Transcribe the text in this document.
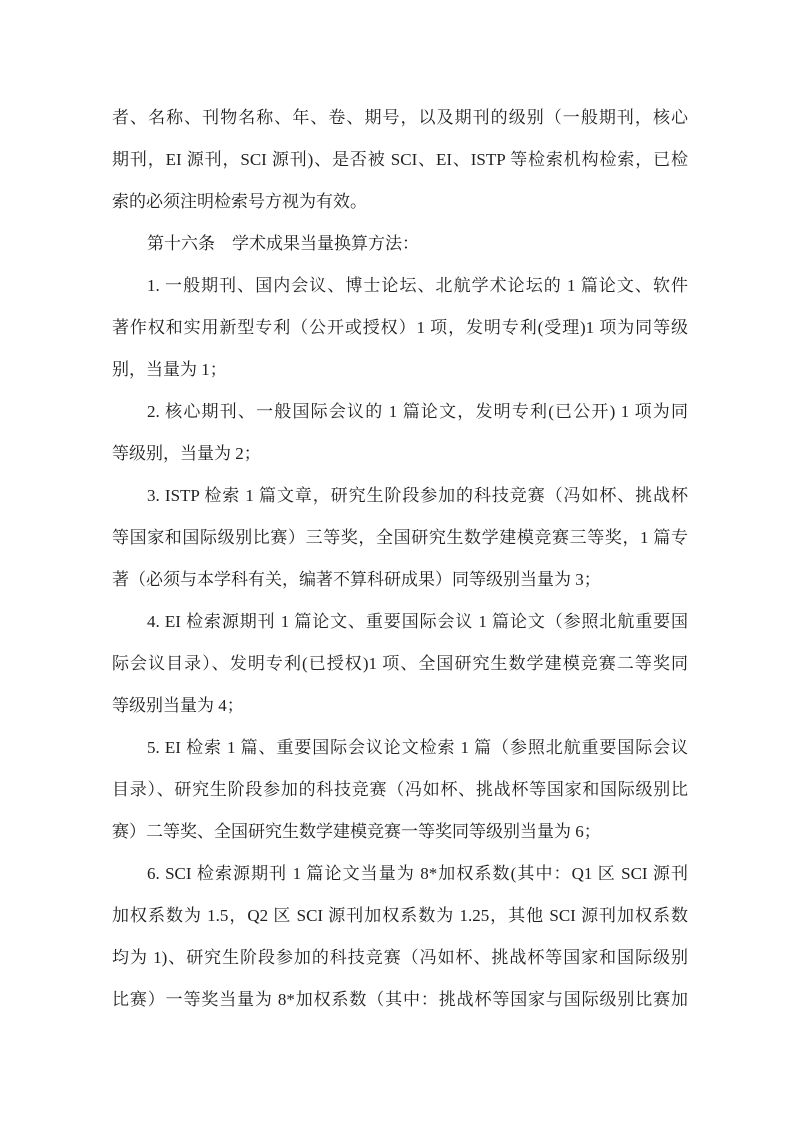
者、名称、刊物名称、年、卷、期号，以及期刊的级别（一般期刊，核心
期刊，EI 源刊，SCI 源刊)、是否被 SCI、EI、ISTP 等检索机构检索，已检
索的必须注明检索号方视为有效。
第十六条　学术成果当量换算方法：
1. 一般期刊、国内会议、博士论坛、北航学术论坛的 1 篇论文、软件
著作权和实用新型专利（公开或授权）1 项，发明专利(受理)1 项为同等级
别，当量为 1；
2. 核心期刊、一般国际会议的 1 篇论文，发明专利(已公开) 1 项为同
等级别，当量为 2；
3. ISTP 检索 1 篇文章，研究生阶段参加的科技竞赛（冯如杯、挑战杯
等国家和国际级别比赛）三等奖，全国研究生数学建模竞赛三等奖，1 篇专
著（必须与本学科有关，编著不算科研成果）同等级别当量为 3；
4. EI 检索源期刊 1 篇论文、重要国际会议 1 篇论文（参照北航重要国
际会议目录）、发明专利(已授权)1 项、全国研究生数学建模竞赛二等奖同
等级别当量为 4；
5. EI 检索 1 篇、重要国际会议论文检索 1 篇（参照北航重要国际会议
目录）、研究生阶段参加的科技竞赛（冯如杯、挑战杯等国家和国际级别比
赛）二等奖、全国研究生数学建模竞赛一等奖同等级别当量为 6；
6. SCI 检索源期刊 1 篇论文当量为 8*加权系数(其中：Q1 区 SCI 源刊
加权系数为 1.5，Q2 区 SCI 源刊加权系数为 1.25，其他 SCI 源刊加权系数
均为 1)、研究生阶段参加的科技竞赛（冯如杯、挑战杯等国家和国际级别
比赛）一等奖当量为 8*加权系数（其中：挑战杯等国家与国际级别比赛加
